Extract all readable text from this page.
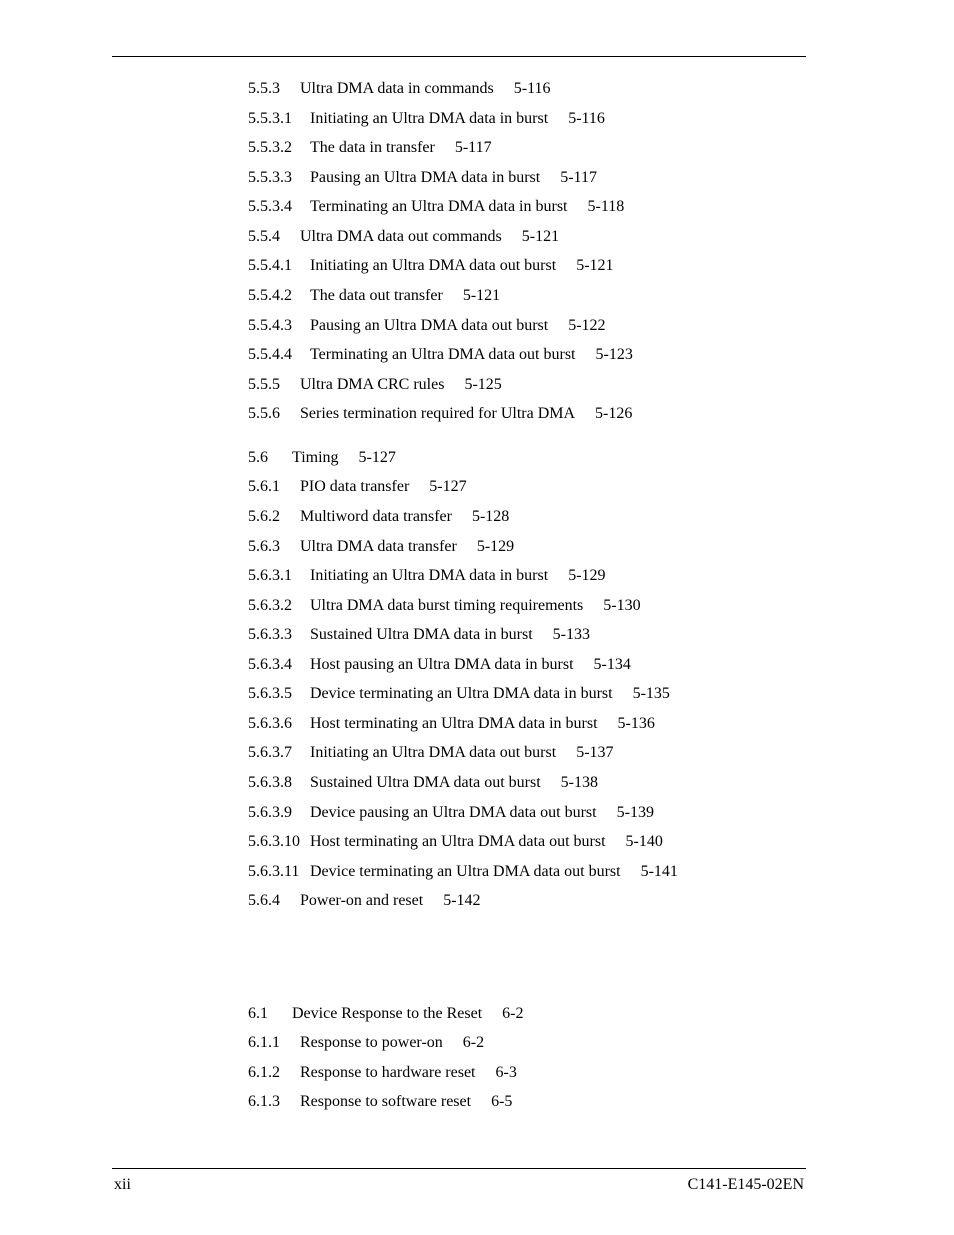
5.5.3 Ultra DMA data in commands 5-116
5.5.3.1 Initiating an Ultra DMA data in burst 5-116
5.5.3.2 The data in transfer 5-117
5.5.3.3 Pausing an Ultra DMA data in burst 5-117
5.5.3.4 Terminating an Ultra DMA data in burst 5-118
5.5.4 Ultra DMA data out commands 5-121
5.5.4.1 Initiating an Ultra DMA data out burst 5-121
5.5.4.2 The data out transfer 5-121
5.5.4.3 Pausing an Ultra DMA data out burst 5-122
5.5.4.4 Terminating an Ultra DMA data out burst 5-123
5.5.5 Ultra DMA CRC rules 5-125
5.5.6 Series termination required for Ultra DMA 5-126
5.6 Timing 5-127
5.6.1 PIO data transfer 5-127
5.6.2 Multiword data transfer 5-128
5.6.3 Ultra DMA data transfer 5-129
5.6.3.1 Initiating an Ultra DMA data in burst 5-129
5.6.3.2 Ultra DMA data burst timing requirements 5-130
5.6.3.3 Sustained Ultra DMA data in burst 5-133
5.6.3.4 Host pausing an Ultra DMA data in burst 5-134
5.6.3.5 Device terminating an Ultra DMA data in burst 5-135
5.6.3.6 Host terminating an Ultra DMA data in burst 5-136
5.6.3.7 Initiating an Ultra DMA data out burst 5-137
5.6.3.8 Sustained Ultra DMA data out burst 5-138
5.6.3.9 Device pausing an Ultra DMA data out burst 5-139
5.6.3.10 Host terminating an Ultra DMA data out burst 5-140
5.6.3.11 Device terminating an Ultra DMA data out burst 5-141
5.6.4 Power-on and reset 5-142
6.1 Device Response to the Reset 6-2
6.1.1 Response to power-on 6-2
6.1.2 Response to hardware reset 6-3
6.1.3 Response to software reset 6-5
xii	C141-E145-02EN
